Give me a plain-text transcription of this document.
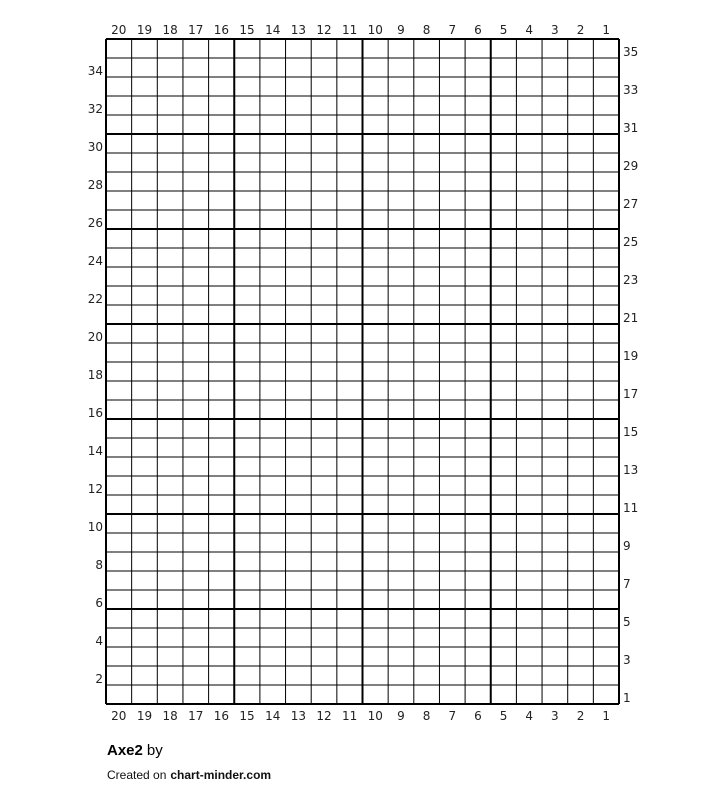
20
20
19
19
18
18
17
17
16
16
15
15
14
14
13
13
12
12
11
11
10
10
9
9
8
8
7
7
6
6
5
5
4
4
3
3
2
2
1
1
35
33
31
29
27
25
23
21
19
17
15
13
11
9
7
5
3
1
34
32
30
28
26
24
22
20
18
16
14
12
10
8
6
4
2
Axe2 by
Created on chart-minder.com
